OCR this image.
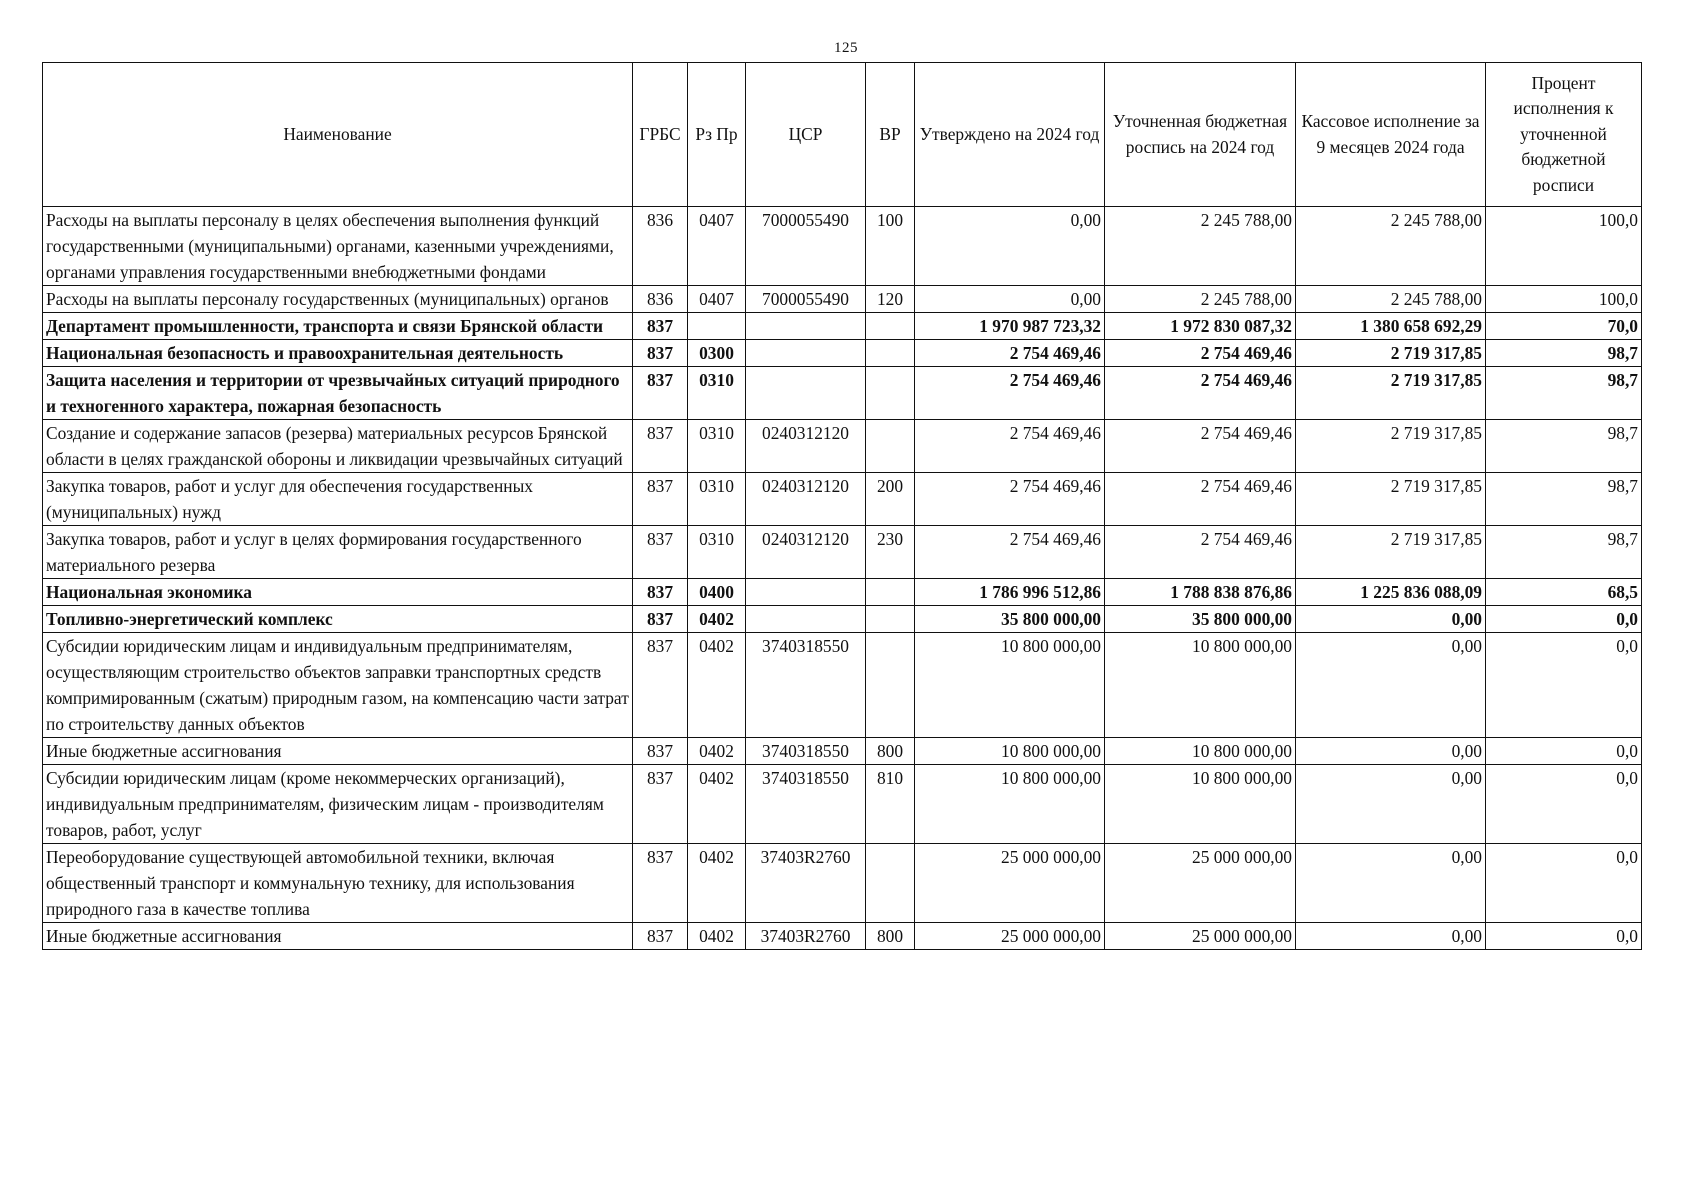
125
Наименование	ГРБС	Рз Пр	ЦСР	ВР	Утверждено на 2024 год	Уточненная бюджетная роспись на 2024 год	Кассовое исполнение за 9 месяцев 2024 года	Процент исполнения к уточненной бюджетной росписи
Расходы на выплаты персоналу в целях обеспечения выполнения функций государственными (муниципальными) органами, казенными учреждениями, органами управления государственными внебюджетными фондами	836	0407	7000055490	100	0,00	2 245 788,00	2 245 788,00	100,0
Расходы на выплаты персоналу государственных (муниципальных) органов	836	0407	7000055490	120	0,00	2 245 788,00	2 245 788,00	100,0
Департамент промышленности, транспорта и связи Брянской области	837				1 970 987 723,32	1 972 830 087,32	1 380 658 692,29	70,0
Национальная безопасность и правоохранительная деятельность	837	0300			2 754 469,46	2 754 469,46	2 719 317,85	98,7
Защита населения и территории от чрезвычайных ситуаций природного и техногенного характера, пожарная безопасность	837	0310			2 754 469,46	2 754 469,46	2 719 317,85	98,7
Создание и содержание запасов (резерва) материальных ресурсов Брянской области в целях гражданской обороны и ликвидации чрезвычайных ситуаций	837	0310	0240312120		2 754 469,46	2 754 469,46	2 719 317,85	98,7
Закупка товаров, работ и услуг для обеспечения государственных (муниципальных) нужд	837	0310	0240312120	200	2 754 469,46	2 754 469,46	2 719 317,85	98,7
Закупка товаров, работ и услуг в целях формирования государственного материального резерва	837	0310	0240312120	230	2 754 469,46	2 754 469,46	2 719 317,85	98,7
Национальная экономика	837	0400			1 786 996 512,86	1 788 838 876,86	1 225 836 088,09	68,5
Топливно-энергетический комплекс	837	0402			35 800 000,00	35 800 000,00	0,00	0,0
Субсидии юридическим лицам и индивидуальным предпринимателям, осуществляющим строительство объектов заправки транспортных средств компримированным (сжатым) природным газом, на компенсацию части затрат по строительству данных объектов	837	0402	3740318550		10 800 000,00	10 800 000,00	0,00	0,0
Иные бюджетные ассигнования	837	0402	3740318550	800	10 800 000,00	10 800 000,00	0,00	0,0
Субсидии юридическим лицам (кроме некоммерческих организаций), индивидуальным предпринимателям, физическим лицам - производителям товаров, работ, услуг	837	0402	3740318550	810	10 800 000,00	10 800 000,00	0,00	0,0
Переоборудование существующей автомобильной техники, включая общественный транспорт и коммунальную технику, для использования природного газа в качестве топлива	837	0402	37403R2760		25 000 000,00	25 000 000,00	0,00	0,0
Иные бюджетные ассигнования	837	0402	37403R2760	800	25 000 000,00	25 000 000,00	0,00	0,0
